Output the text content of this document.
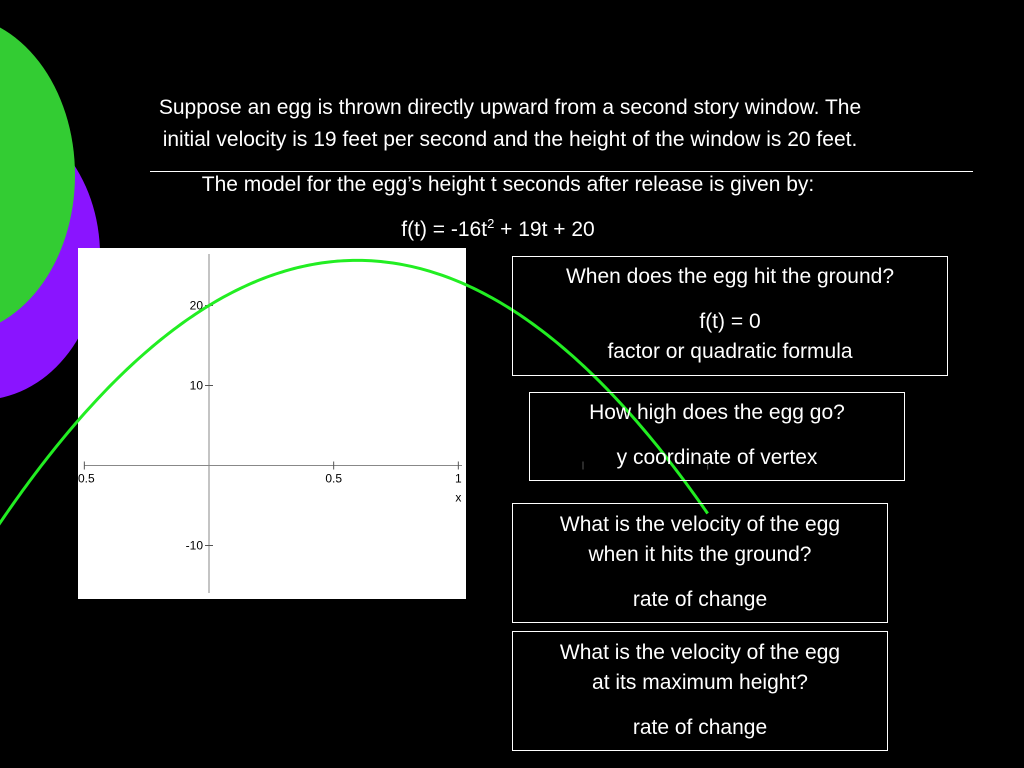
Suppose an egg is thrown directly upward from a second story window. The
initial velocity is 19 feet per second and the height of the window is 20 feet.
The model for the egg’s height t seconds after release is given by:
$f(t) = -16t^2 + 19t + 20$
-0.5	0.5	1	1.5	2
-10
10
20
x

When does the egg hit the ground?

f(t) = 0

factor or quadratic formula

How high does the egg go?

y coordinate of vertex

What is the velocity of the egg

when it hits the ground?

rate of change

What is the velocity of the egg

at its maximum height?

rate of change
